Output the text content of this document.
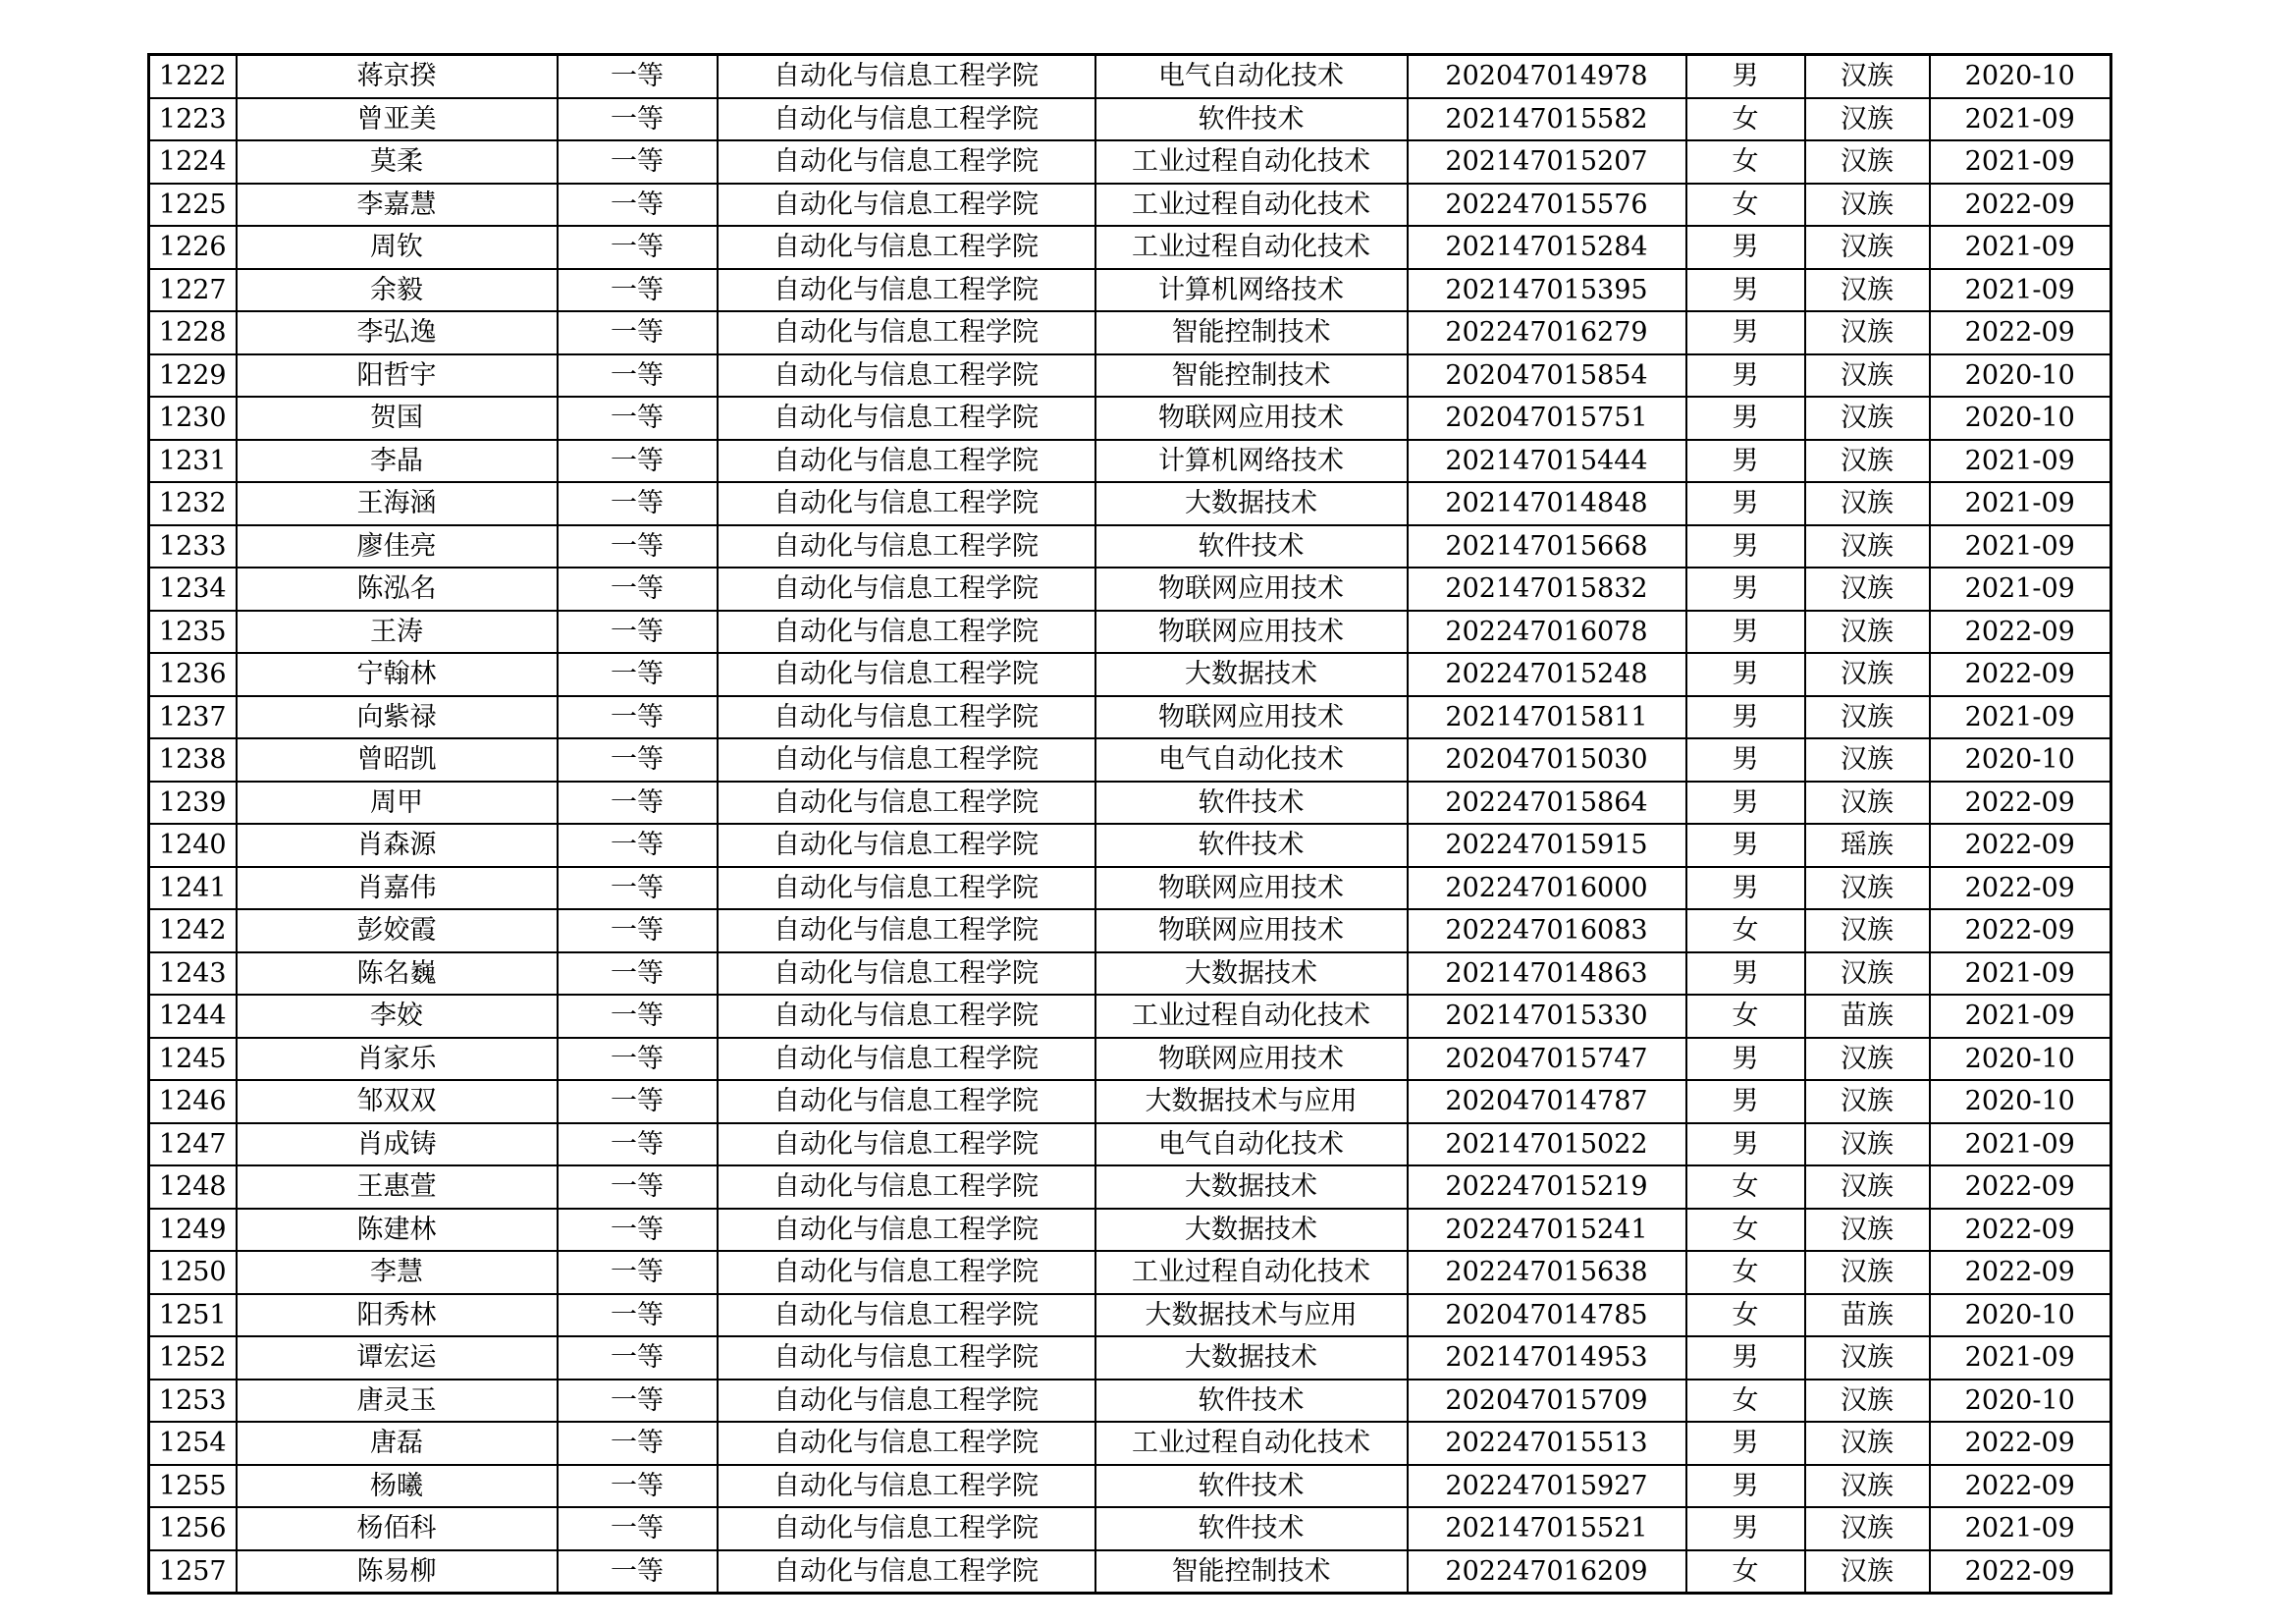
1222	蒋京揆	一等	自动化与信息工程学院	电气自动化技术	202047014978	男	汉族	2020-10
1223	曾亚美	一等	自动化与信息工程学院	软件技术	202147015582	女	汉族	2021-09
1224	莫柔	一等	自动化与信息工程学院	工业过程自动化技术	202147015207	女	汉族	2021-09
1225	李嘉慧	一等	自动化与信息工程学院	工业过程自动化技术	202247015576	女	汉族	2022-09
1226	周钦	一等	自动化与信息工程学院	工业过程自动化技术	202147015284	男	汉族	2021-09
1227	余毅	一等	自动化与信息工程学院	计算机网络技术	202147015395	男	汉族	2021-09
1228	李弘逸	一等	自动化与信息工程学院	智能控制技术	202247016279	男	汉族	2022-09
1229	阳哲宇	一等	自动化与信息工程学院	智能控制技术	202047015854	男	汉族	2020-10
1230	贺国	一等	自动化与信息工程学院	物联网应用技术	202047015751	男	汉族	2020-10
1231	李晶	一等	自动化与信息工程学院	计算机网络技术	202147015444	男	汉族	2021-09
1232	王海涵	一等	自动化与信息工程学院	大数据技术	202147014848	男	汉族	2021-09
1233	廖佳亮	一等	自动化与信息工程学院	软件技术	202147015668	男	汉族	2021-09
1234	陈泓名	一等	自动化与信息工程学院	物联网应用技术	202147015832	男	汉族	2021-09
1235	王涛	一等	自动化与信息工程学院	物联网应用技术	202247016078	男	汉族	2022-09
1236	宁翰林	一等	自动化与信息工程学院	大数据技术	202247015248	男	汉族	2022-09
1237	向紫禄	一等	自动化与信息工程学院	物联网应用技术	202147015811	男	汉族	2021-09
1238	曾昭凯	一等	自动化与信息工程学院	电气自动化技术	202047015030	男	汉族	2020-10
1239	周甲	一等	自动化与信息工程学院	软件技术	202247015864	男	汉族	2022-09
1240	肖森源	一等	自动化与信息工程学院	软件技术	202247015915	男	瑶族	2022-09
1241	肖嘉伟	一等	自动化与信息工程学院	物联网应用技术	202247016000	男	汉族	2022-09
1242	彭姣霞	一等	自动化与信息工程学院	物联网应用技术	202247016083	女	汉族	2022-09
1243	陈名巍	一等	自动化与信息工程学院	大数据技术	202147014863	男	汉族	2021-09
1244	李姣	一等	自动化与信息工程学院	工业过程自动化技术	202147015330	女	苗族	2021-09
1245	肖家乐	一等	自动化与信息工程学院	物联网应用技术	202047015747	男	汉族	2020-10
1246	邹双双	一等	自动化与信息工程学院	大数据技术与应用	202047014787	男	汉族	2020-10
1247	肖成铸	一等	自动化与信息工程学院	电气自动化技术	202147015022	男	汉族	2021-09
1248	王惠萱	一等	自动化与信息工程学院	大数据技术	202247015219	女	汉族	2022-09
1249	陈建林	一等	自动化与信息工程学院	大数据技术	202247015241	女	汉族	2022-09
1250	李慧	一等	自动化与信息工程学院	工业过程自动化技术	202247015638	女	汉族	2022-09
1251	阳秀林	一等	自动化与信息工程学院	大数据技术与应用	202047014785	女	苗族	2020-10
1252	谭宏运	一等	自动化与信息工程学院	大数据技术	202147014953	男	汉族	2021-09
1253	唐灵玉	一等	自动化与信息工程学院	软件技术	202047015709	女	汉族	2020-10
1254	唐磊	一等	自动化与信息工程学院	工业过程自动化技术	202247015513	男	汉族	2022-09
1255	杨曦	一等	自动化与信息工程学院	软件技术	202247015927	男	汉族	2022-09
1256	杨佰科	一等	自动化与信息工程学院	软件技术	202147015521	男	汉族	2021-09
1257	陈易柳	一等	自动化与信息工程学院	智能控制技术	202247016209	女	汉族	2022-09
